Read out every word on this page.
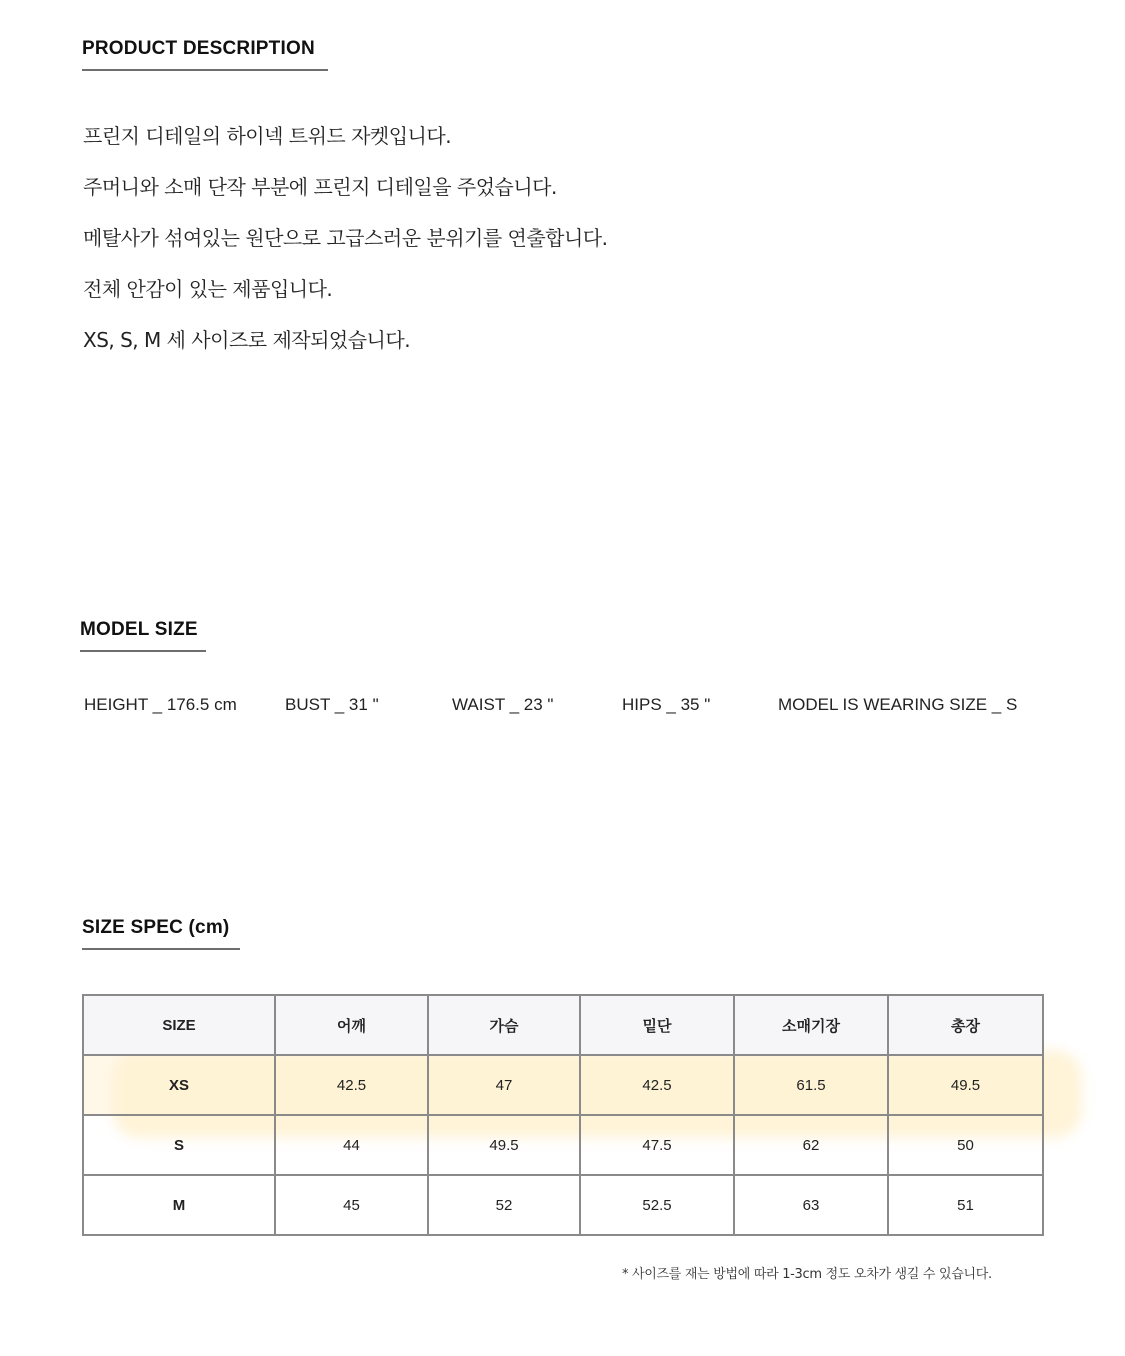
PRODUCT DESCRIPTION
프린지 디테일의 하이넥 트위드 자켓입니다.
주머니와 소매 단작 부분에 프린지 디테일을 주었습니다.
메탈사가 섞여있는 원단으로 고급스러운 분위기를 연출합니다.
전체 안감이 있는 제품입니다.
XS, S, M 세 사이즈로 제작되었습니다.
MODEL SIZE
HEIGHT _ 176.5 cm	BUST _ 31 "	WAIST _ 23 "	HIPS _ 35 "	MODEL IS WEARING SIZE _ S
SIZE SPEC (cm)
SIZE	어깨	가슴	밑단	소매기장	총장
XS	42.5	47	42.5	61.5	49.5
S	44	49.5	47.5	62	50
M	45	52	52.5	63	51
* 사이즈를 재는 방법에 따라 1-3cm 정도 오차가 생길 수 있습니다.
